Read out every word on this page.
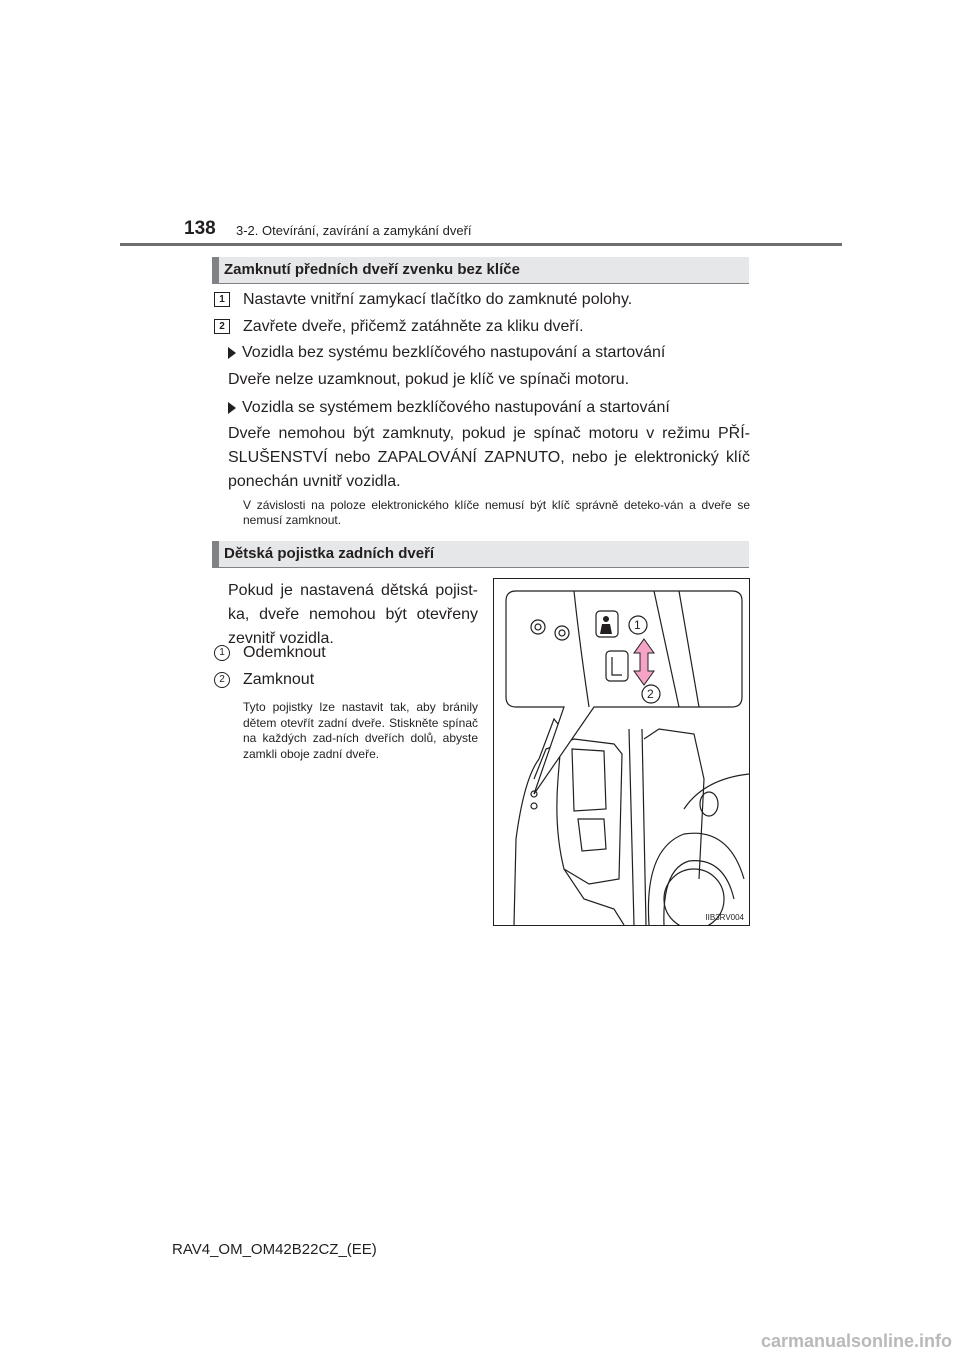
138 3-2. Otevírání, zavírání a zamykání dveří
Zamknutí předních dveří zvenku bez klíče
1	Nastavte vnitřní zamykací tlačítko do zamknuté polohy.
2	Zavřete dveře, přičemž zatáhněte za kliku dveří.
Vozidla bez systému bezklíčového nastupování a startování
Dveře nelze uzamknout, pokud je klíč ve spínači motoru.
Vozidla se systémem bezklíčového nastupování a startování
Dveře nemohou být zamknuty, pokud je spínač motoru v režimu PŘÍ-SLUŠENSTVÍ nebo ZAPALOVÁNÍ ZAPNUTO, nebo je elektronický klíč ponechán uvnitř vozidla.
V závislosti na poloze elektronického klíče nemusí být klíč správně deteko-ván a dveře se nemusí zamknout.
Dětská pojistka zadních dveří
Pokud je nastavená dětská pojist-ka, dveře nemohou být otevřeny zevnitř vozidla.
1	Odemknout
2	Zamknout
Tyto pojistky lze nastavit tak, aby bránily dětem otevřít zadní dveře. Stiskněte spínač na každých zad-ních dveřích dolů, abyste zamkli oboje zadní dveře.
1
2
IIB3RV004
RAV4_OM_OM42B22CZ_(EE)
carmanualsonline.info
